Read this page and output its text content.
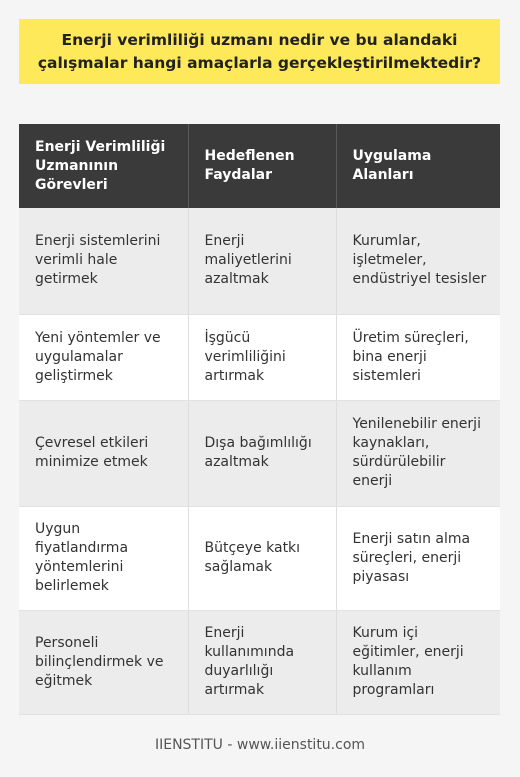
Enerji verimliliği uzmanı nedir ve bu alandaki çalışmalar hangi amaçlarla gerçekleştirilmektedir?
Enerji Verimliliği Uzmanının Görevleri	Hedeflenen Faydalar	Uygulama Alanları
Enerji sistemlerini verimli hale getirmek	Enerji maliyetlerini azaltmak	Kurumlar, işletmeler, endüstriyel tesisler
Yeni yöntemler ve uygulamalar geliştirmek	İşgücü verimliliğini artırmak	Üretim süreçleri, bina enerji sistemleri
Çevresel etkileri minimize etmek	Dışa bağımlılığı azaltmak	Yenilenebilir enerji kaynakları, sürdürülebilir enerji
Uygun fiyatlandırma yöntemlerini belirlemek	Bütçeye katkı sağlamak	Enerji satın alma süreçleri, enerji piyasası
Personeli bilinçlendirmek ve eğitmek	Enerji kullanımında duyarlılığı artırmak	Kurum içi eğitimler, enerji kullanım programları
IIENSTITU - www.iienstitu.com
